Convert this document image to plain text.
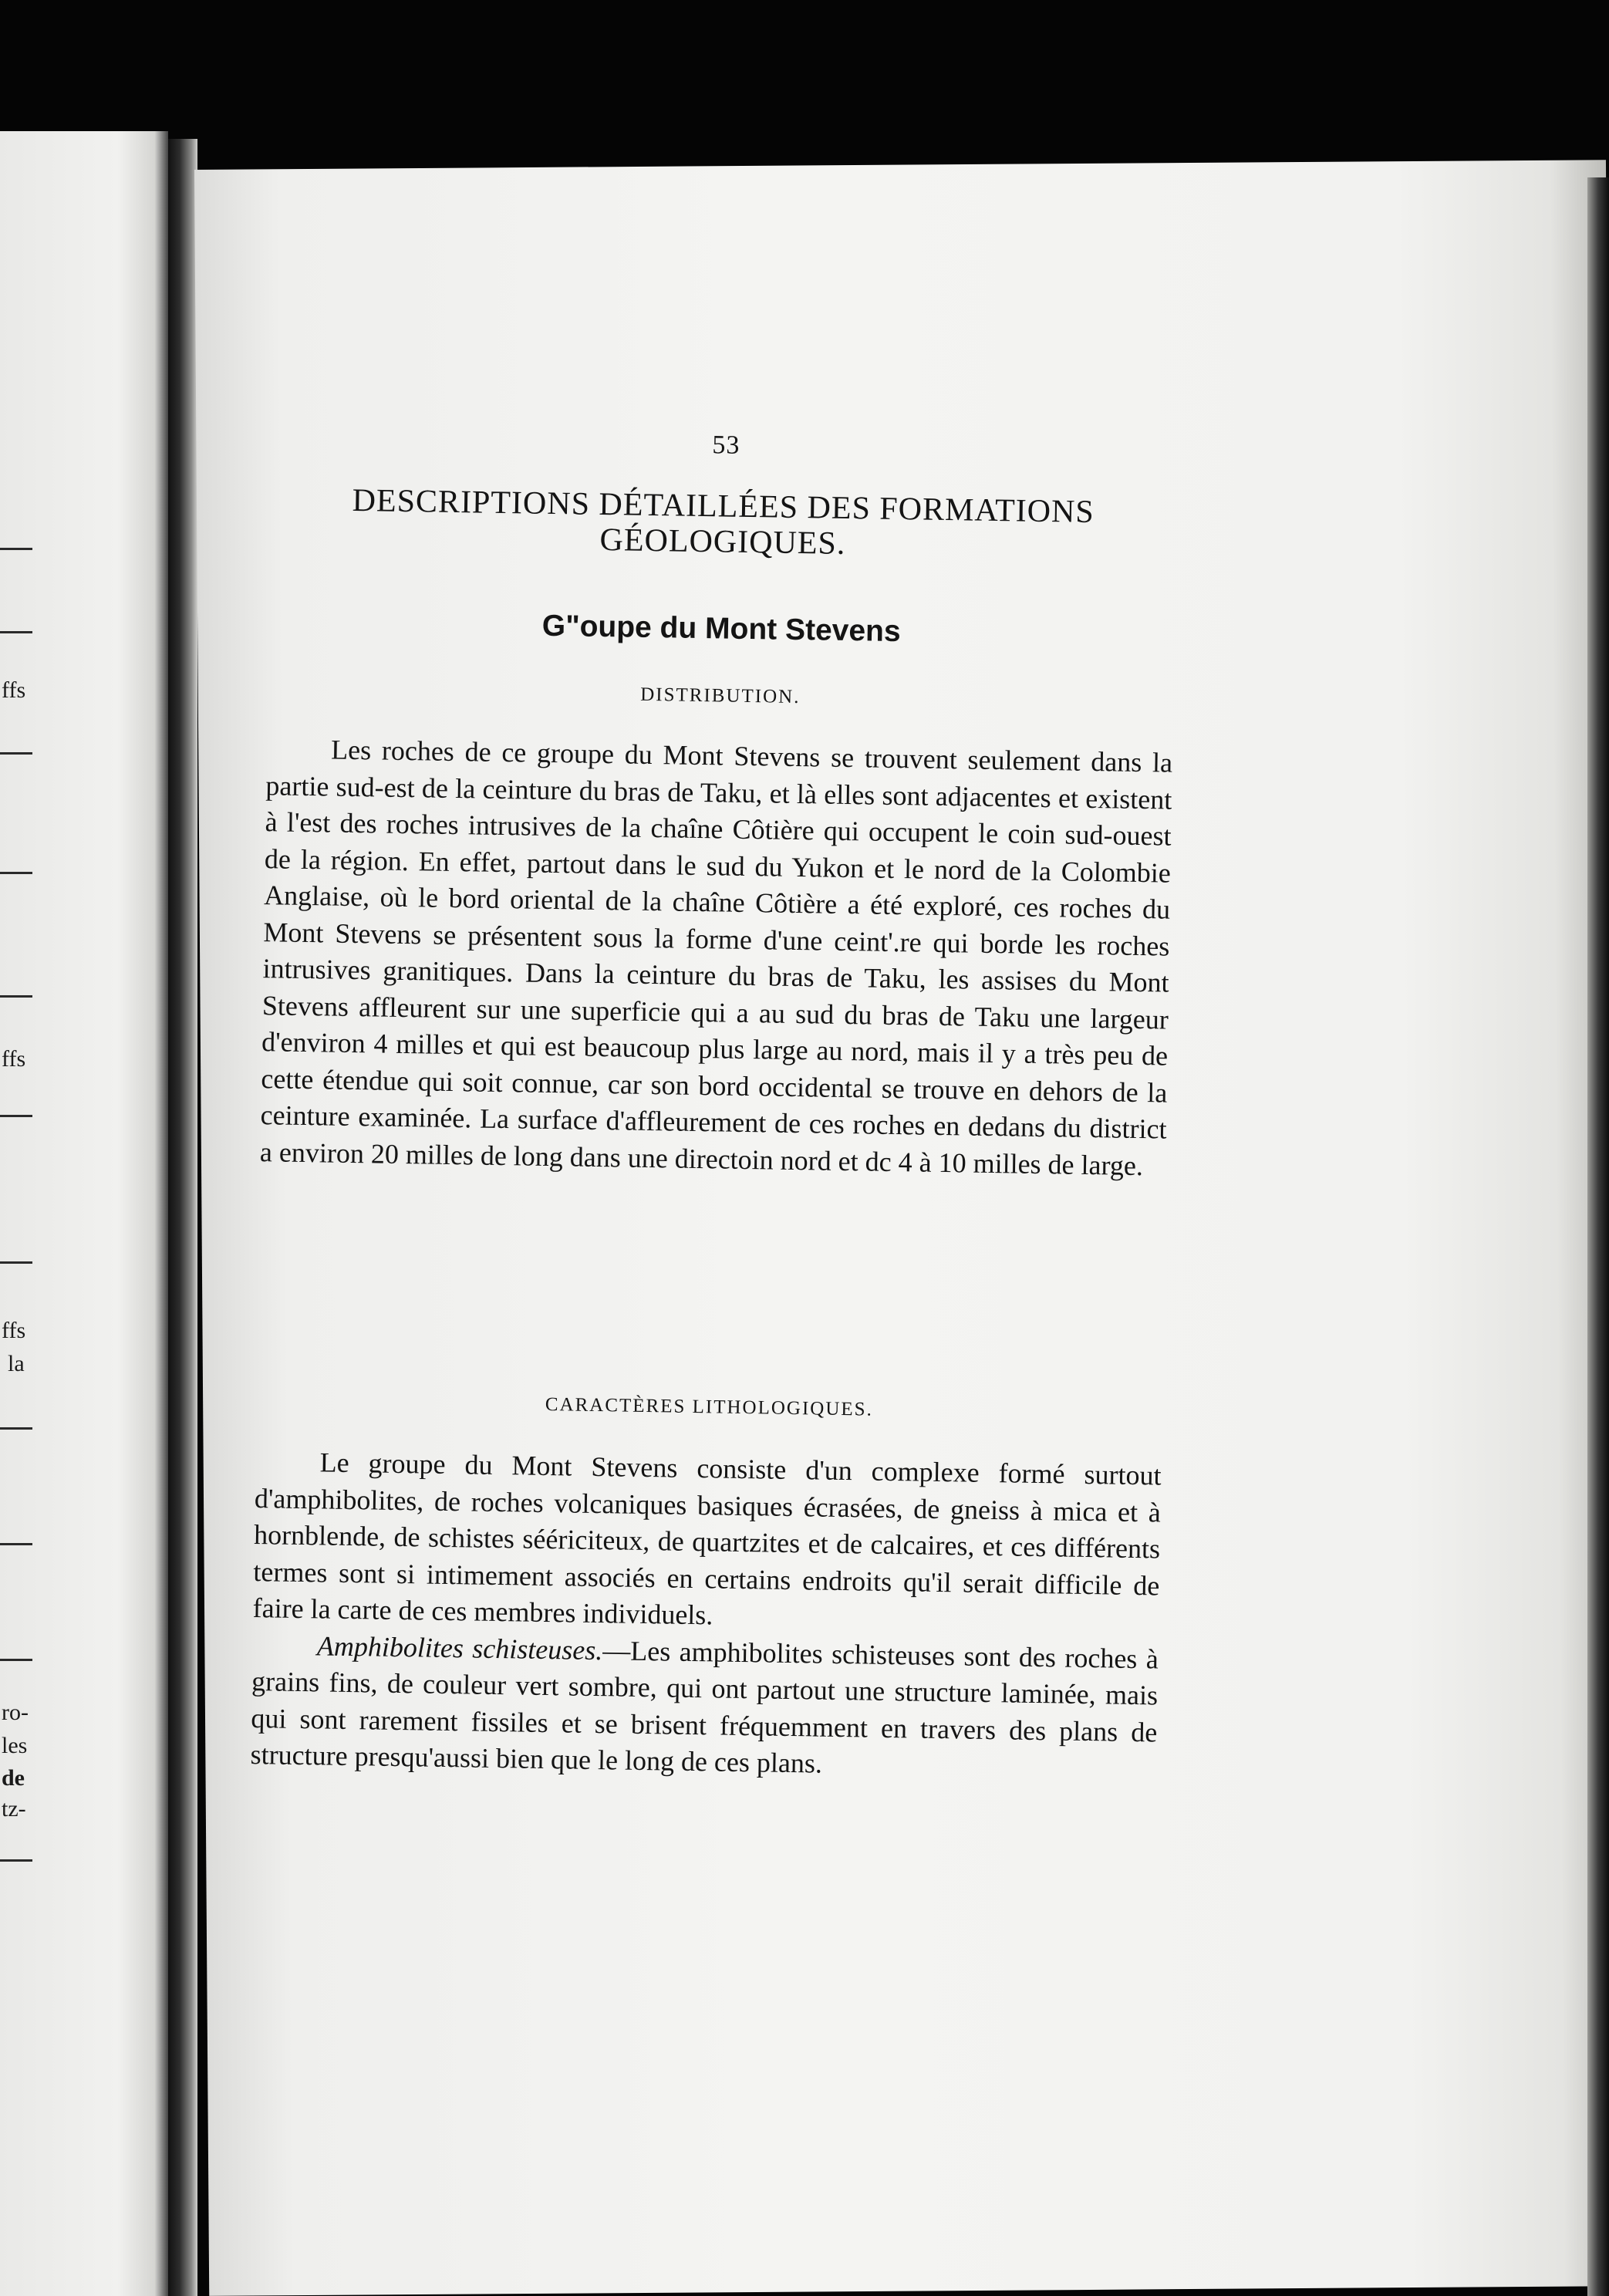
ffs
ffs
ffs
la
ro-
les
de
tz-
53
DESCRIPTIONS DÉTAILLÉES DES FORMATIONS
GÉOLOGIQUES.
G"oupe du Mont Stevens
DISTRIBUTION.

Les roches de ce groupe du Mont Stevens se trouvent seulement dans la partie sud-est de la ceinture du bras de Taku, et là elles sont adjacentes et existent à l'est des roches intrusives de la chaîne Côtière qui occupent le coin sud-ouest de la région. En effet, partout dans le sud du Yukon et le nord de la Colombie Anglaise, où le bord oriental de la chaîne Côtière a été exploré, ces roches du Mont Stevens se présentent sous la forme d'une ceint'.re qui borde les roches intrusives granitiques. Dans la ceinture du bras de Taku, les assises du Mont Stevens affleurent sur une superficie qui a au sud du bras de Taku une largeur d'environ 4 milles et qui est beaucoup plus large au nord, mais il y a très peu de cette étendue qui soit connue, car son bord occidental se trouve en dehors de la ceinture examinée. La surface d'affleurement de ces roches en dedans du district a environ 20 milles de long dans une directoin nord et dc 4 à 10 milles de large.

CARACTÈRES LITHOLOGIQUES.

Le groupe du Mont Stevens consiste d'un complexe formé surtout d'amphibolites, de roches volcaniques basiques écrasées, de gneiss à mica et à hornblende, de schistes séériciteux, de quartzites et de calcaires, et ces différents termes sont si intimement associés en certains endroits qu'il serait difficile de faire la carte de ces membres individuels.

Amphibolites schisteuses.—Les amphibolites schisteuses sont des roches à grains fins, de couleur vert sombre, qui ont partout une structure laminée, mais qui sont rarement fissiles et se brisent fréquemment en travers des plans de structure presqu'aussi bien que le long de ces plans.
